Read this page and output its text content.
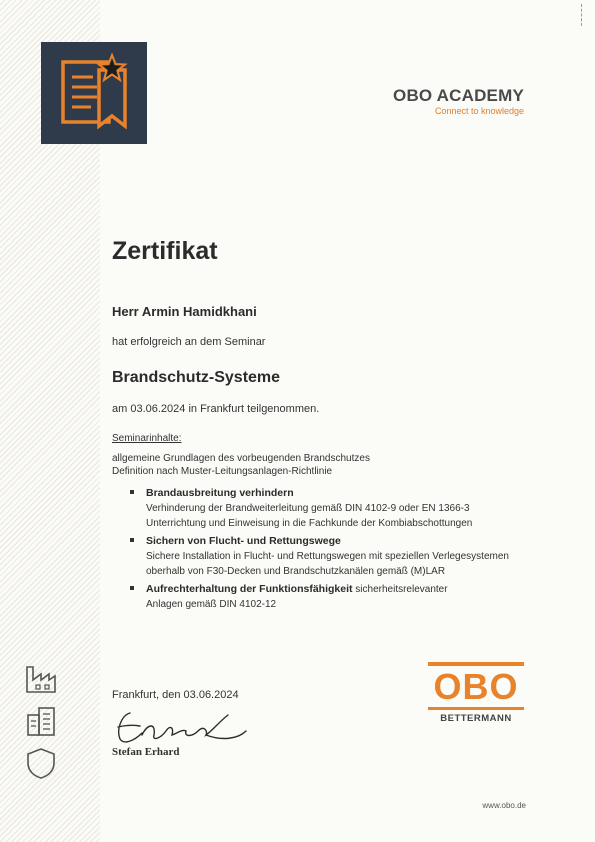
OBO ACADEMY
Connect to knowledge
Zertifikat
Herr Armin Hamidkhani
hat erfolgreich an dem Seminar
Brandschutz-Systeme
am 03.06.2024 in Frankfurt teilgenommen.
Seminarinhalte:
allgemeine Grundlagen des vorbeugenden Brandschutzes
Definition nach Muster-Leitungsanlagen-Richtlinie
Brandausbreitung verhindern
Verhinderung der Brandweiterleitung gemäß DIN 4102-9 oder EN 1366-3 Unterrichtung und Einweisung in die Fachkunde der Kombiabschottungen
Sichern von Flucht- und Rettungswege
Sichere Installation in Flucht- und Rettungswegen mit speziellen Verlegesystemen oberhalb von F30-Decken und Brandschutzkanälen gemäß (M)LAR
Aufrechterhaltung der Funktionsfähigkeit sicherheitsrelevanter
Anlagen gemäß DIN 4102-12
Frankfurt, den 03.06.2024
Stefan Erhard
OBO
BETTERMANN
www.obo.de
